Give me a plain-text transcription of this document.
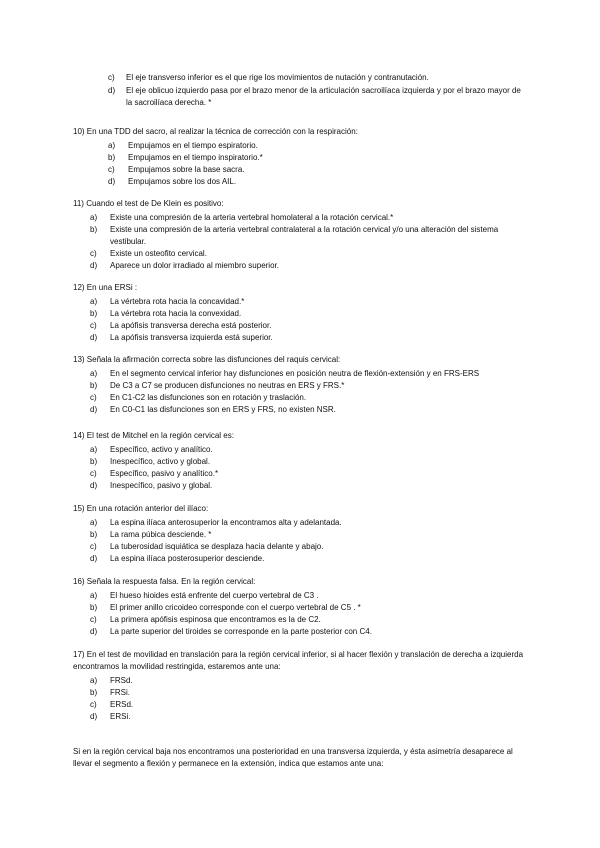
c)	El eje transverso inferior es el que rige los movimientos de nutación y contranutación.
d)	El eje oblicuo izquierdo pasa por el brazo menor de la articulación sacroilíaca izquierda y por el brazo mayor de la sacroilíaca derecha. *
10) En una TDD del sacro, al realizar la técnica de corrección con la respiración:
a)	Empujamos en el tiempo espiratorio.
b)	Empujamos en el tiempo inspiratorio.*
c)	Empujamos sobre la base sacra.
d)	Empujamos sobre los dos AIL.
11) Cuando el test de De Klein es positivo:
a)	Existe una compresión de la arteria vertebral homolateral a la rotación cervical.*
b)	Existe una compresión de la arteria vertebral contralateral a la rotación cervical y/o una alteración del sistema vestibular.
c)	Existe un osteofito cervical.
d)	Aparece un dolor irradiado al miembro superior.
12) En una ERSi :
a)	La vértebra rota hacia la concavidad.*
b)	La vértebra rota hacia la convexidad.
c)	La apófisis transversa derecha está posterior.
d)	La apófisis transversa izquierda está superior.
13) Señala la afirmación correcta sobre las disfunciones del raquis cervical:
a)	En el segmento cervical inferior hay disfunciones en posición neutra de flexión-extensión y en FRS-ERS
b)	De C3 a C7 se producen disfunciones no neutras en ERS y FRS.*
c)	En C1-C2 las disfunciones son en rotación y traslación.
d)	En C0-C1 las disfunciones son en ERS y FRS, no existen NSR.
14) El test de Mitchel en la región cervical es:
a)	Específico, activo y analítico.
b)	Inespecífico, activo y global.
c)	Específico, pasivo y analítico.*
d)	Inespecífico, pasivo y global.
15) En una rotación anterior del ilíaco:
a)	La espina ilíaca anterosuperior la encontramos alta y adelantada.
b)	La rama púbica desciende. *
c)	La tuberosidad isquiática se desplaza hacia delante y abajo.
d)	La espina ilíaca posterosuperior desciende.
16) Señala la respuesta falsa. En la región cervical:
a)	El hueso hioides está enfrente del cuerpo vertebral de C3 .
b)	El primer anillo cricoideo corresponde con el cuerpo vertebral de C5 . *
c)	La primera apófisis espinosa que encontramos es la de C2.
d)	La parte superior del tiroides se corresponde en la parte posterior con C4.
17) En el test de movilidad en translación para la región cervical inferior, si al hacer flexión y translación de derecha a izquierda encontramos la movilidad restringida, estaremos ante una:
a)	FRSd.
b)	FRSi.
c)	ERSd.
d)	ERSi.
Si en la región cervical baja nos encontramos una posterioridad en una transversa izquierda, y ésta asimetría desaparece al llevar el segmento a flexión y permanece en la extensión, indica que estamos ante una:
